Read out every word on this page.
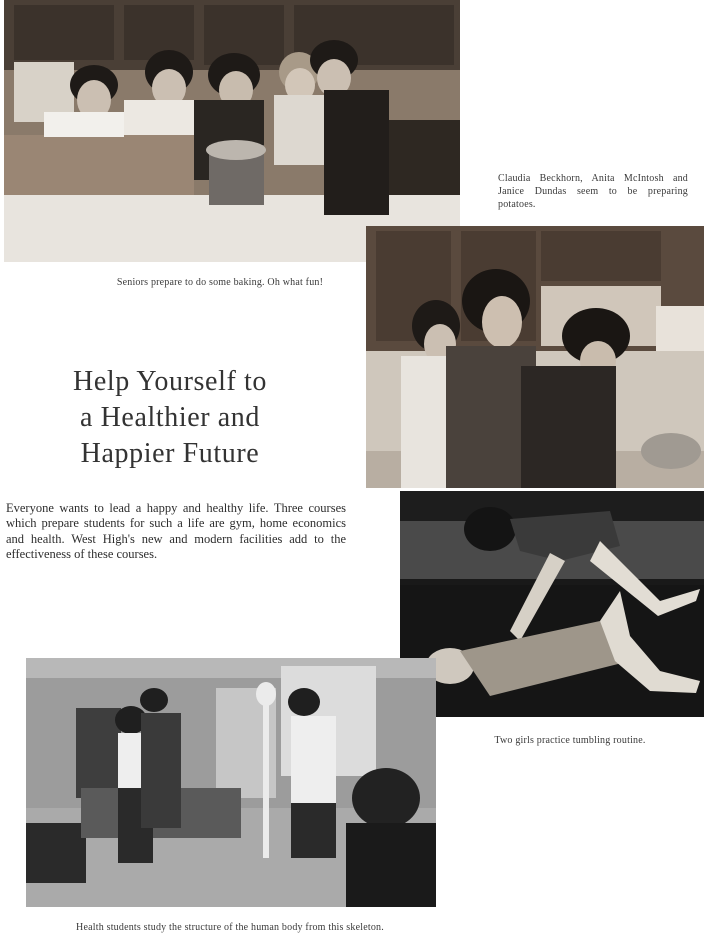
Seniors prepare to do some baking. Oh what fun!
Claudia Beckhorn, Anita McIntosh and Janice Dundas seem to be preparing potatoes.
Help Yourself to
a Healthier and
Happier Future

Everyone wants to lead a happy and healthy life. Three courses which prepare students for such a life are gym, home economics and health. West High's new and modern facilities add to the effectiveness of these courses.

Two girls practice tumbling routine.
Health students study the structure of the human body from this skeleton.
